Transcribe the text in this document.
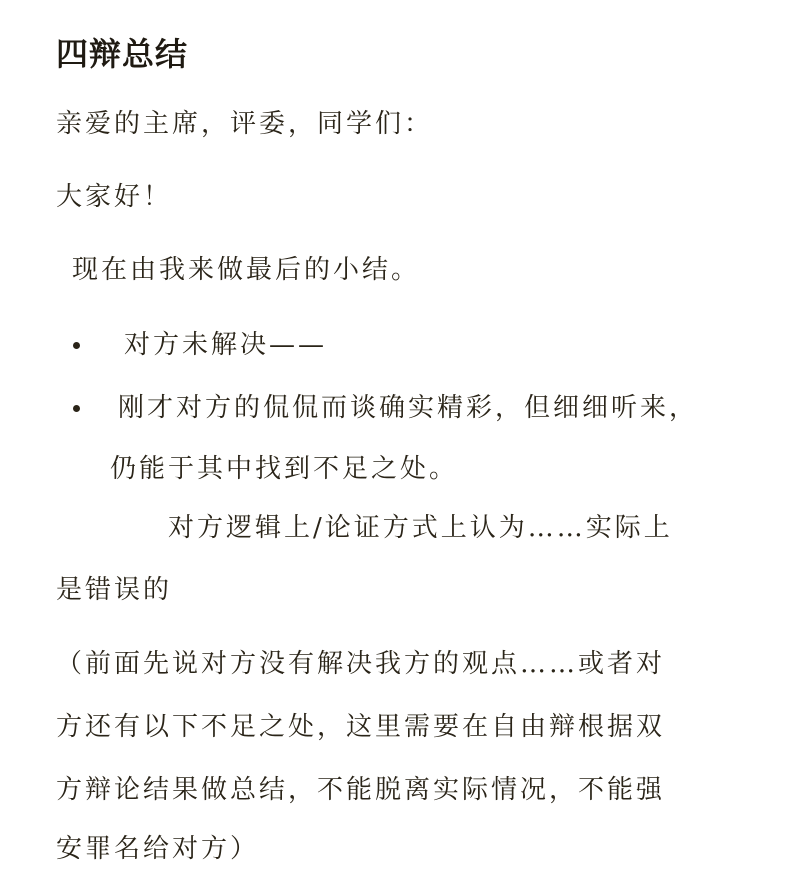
四辩总结
亲爱的主席，评委，同学们：
大家好！
现在由我来做最后的小结。
对方未解决——
刚才对方的侃侃而谈确实精彩，但细细听来，
仍能于其中找到不足之处。
对方逻辑上/论证方式上认为……实际上
是错误的
（前面先说对方没有解决我方的观点……或者对
方还有以下不足之处，这里需要在自由辩根据双
方辩论结果做总结，不能脱离实际情况，不能强
安罪名给对方）
